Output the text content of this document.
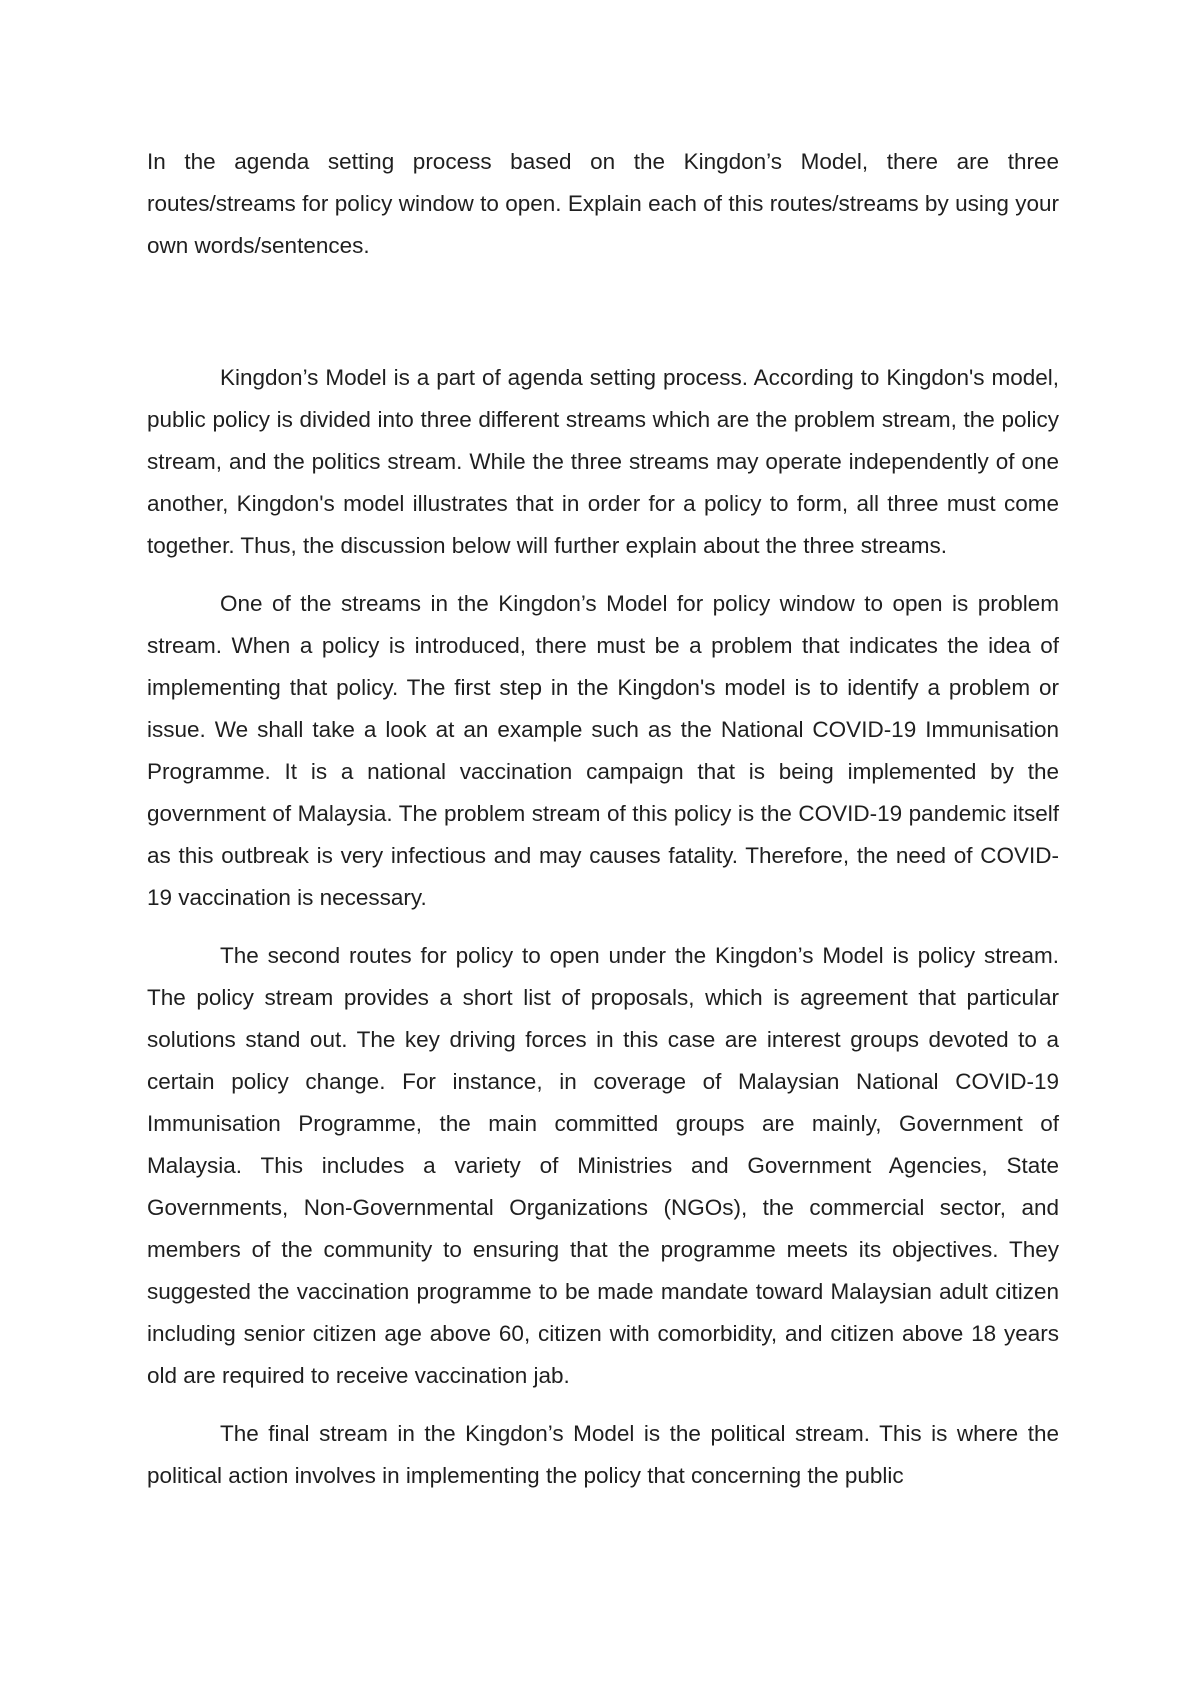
In the agenda setting process based on the Kingdon’s Model, there are three routes/streams for policy window to open. Explain each of this routes/streams by using your own words/sentences.

Kingdon’s Model is a part of agenda setting process. According to Kingdon's model, public policy is divided into three different streams which are the problem stream, the policy stream, and the politics stream. While the three streams may operate independently of one another, Kingdon's model illustrates that in order for a policy to form, all three must come together. Thus, the discussion below will further explain about the three streams.

One of the streams in the Kingdon’s Model for policy window to open is problem stream. When a policy is introduced, there must be a problem that indicates the idea of implementing that policy. The first step in the Kingdon's model is to identify a problem or issue. We shall take a look at an example such as the National COVID-19 Immunisation Programme. It is a national vaccination campaign that is being implemented by the government of Malaysia. The problem stream of this policy is the COVID-19 pandemic itself as this outbreak is very infectious and may causes fatality. Therefore, the need of COVID-19 vaccination is necessary.

The second routes for policy to open under the Kingdon’s Model is policy stream. The policy stream provides a short list of proposals, which is agreement that particular solutions stand out. The key driving forces in this case are interest groups devoted to a certain policy change. For instance, in coverage of Malaysian National COVID-19 Immunisation Programme, the main committed groups are mainly, Government of Malaysia. This includes a variety of Ministries and Government Agencies, State Governments, Non-Governmental Organizations (NGOs), the commercial sector, and members of the community to ensuring that the programme meets its objectives. They suggested the vaccination programme to be made mandate toward Malaysian adult citizen including senior citizen age above 60, citizen with comorbidity, and citizen above 18 years old are required to receive vaccination jab.

The final stream in the Kingdon’s Model is the political stream. This is where the political action involves in implementing the policy that concerning the public
